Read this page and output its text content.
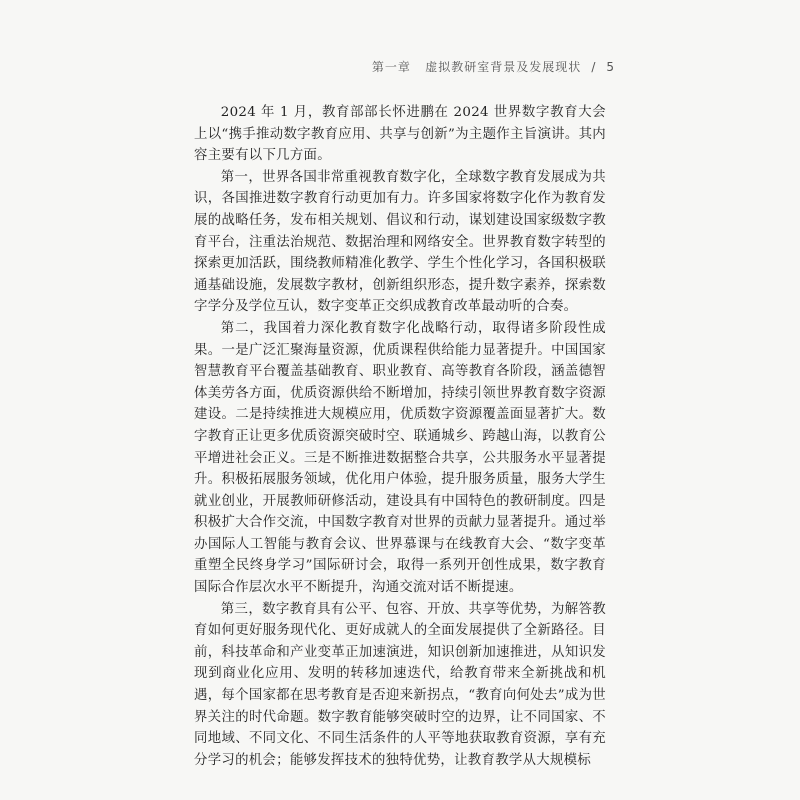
第一章 虚拟教研室背景及发展现状 / 5

2024 年 1 月，教育部部长怀进鹏在 2024 世界数字教育大会上以“携手推动数字教育应用、共享与创新”为主题作主旨演讲。其内容主要有以下几方面。

第一，世界各国非常重视教育数字化，全球数字教育发展成为共识，各国推进数字教育行动更加有力。许多国家将数字化作为教育发展的战略任务，发布相关规划、倡议和行动，谋划建设国家级数字教育平台，注重法治规范、数据治理和网络安全。世界教育数字转型的探索更加活跃，围绕教师精准化教学、学生个性化学习，各国积极联通基础设施，发展数字教材，创新组织形态，提升数字素养，探索数字学分及学位互认，数字变革正交织成教育改革最动听的合奏。

第二，我国着力深化教育数字化战略行动，取得诸多阶段性成果。一是广泛汇聚海量资源，优质课程供给能力显著提升。中国国家智慧教育平台覆盖基础教育、职业教育、高等教育各阶段，涵盖德智体美劳各方面，优质资源供给不断增加，持续引领世界教育数字资源建设。二是持续推进大规模应用，优质数字资源覆盖面显著扩大。数字教育正让更多优质资源突破时空、联通城乡、跨越山海，以教育公平增进社会正义。三是不断推进数据整合共享，公共服务水平显著提升。积极拓展服务领域，优化用户体验，提升服务质量，服务大学生就业创业，开展教师研修活动，建设具有中国特色的教研制度。四是积极扩大合作交流，中国数字教育对世界的贡献力显著提升。通过举办国际人工智能与教育会议、世界慕课与在线教育大会、“数字变革重塑全民终身学习”国际研讨会，取得一系列开创性成果，数字教育国际合作层次水平不断提升，沟通交流对话不断提速。

第三，数字教育具有公平、包容、开放、共享等优势，为解答教育如何更好服务现代化、更好成就人的全面发展提供了全新路径。目前，科技革命和产业变革正加速演进，知识创新加速推进，从知识发现到商业化应用、发明的转移加速迭代，给教育带来全新挑战和机遇，每个国家都在思考教育是否迎来新拐点，“教育向何处去”成为世界关注的时代命题。数字教育能够突破时空的边界，让不同国家、不同地域、不同文化、不同生活条件的人平等地获取教育资源，享有充分学习的机会；能够发挥技术的独特优势，让教育教学从大规模标
